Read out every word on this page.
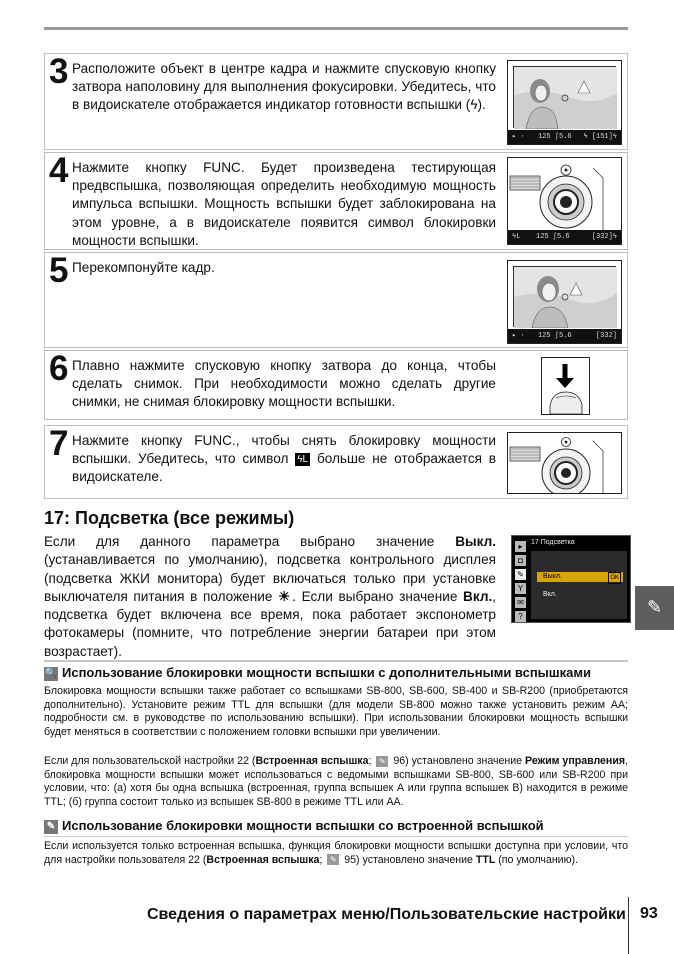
3 Расположите объект в центре кадра и нажмите спусковую кнопку затвора наполовину для выполнения фокусировки. Убедитесь, что в видоискателе отображается индикатор готовности вспышки (ϟ).
▸ · 125 ʃ5.6 ϟ [151]ϟ
4 Нажмите кнопку FUNC. Будет произведена тестирующая предвспышка, позволяющая определить необходимую мощность импульса вспышки. Мощность вспышки будет заблокирована на этом уровне, а в видоискателе появится символ блокировки мощности вспышки.	ϟL 125 ʃ5.6	[332]ϟ
5 Перекомпонуйте кадр.
▸ · 125 ʃ5.6	[332]
6 Плавно нажмите спусковую кнопку затвора до конца, чтобы сделать снимок. При необходимости можно сделать другие снимки, не снимая блокировку мощности вспышки.
7 Нажмите кнопку FUNC., чтобы снять блокировку мощности вспышки. Убедитесь, что символ ϟL больше не отображается в видоискателе.
17: Подсветка (все режимы)
Если для данного параметра выбрано значение Выкл. (устанавливается по умолчанию), подсветка контрольного дисплея (подсветка ЖКИ монитора) будет включаться только при установке выключателя питания в положение ☀. Если выбрано значение Вкл., подсветка будет включена все время, пока работает экспонометр фотокамеры (помните, что потребление энергии батареи при этом возрастает).
▸
◘
✎
Y
✉
?
17 Подсветка
Выкл.	OK
Вкл.
✎
🔍 Использование блокировки мощности вспышки с дополнительными вспышками
Блокировка мощности вспышки также работает со вспышками SB-800, SB-600, SB-400 и SB-R200 (приобретаются дополнительно). Установите режим TTL для вспышки (для модели SB-800 можно также установить режим АА; подробности см. в руководстве по использованию вспышки). При использовании блокировки мощность вспышки будет меняться в соответствии с положением головки вспышки при увеличении.
Если для пользовательской настройки 22 (Встроенная вспышка; ✎ 96) установлено значение Режим управления, блокировка мощности вспышки может использоваться с ведомыми вспышками SB-800, SB-600 или SB-R200 при условии, что: (а) хотя бы одна вспышка (встроенная, группа вспышек А или группа вспышек В) находится в режиме TTL; (б) группа состоит только из вспышек SB-800 в режиме TTL или АА.
✎ Использование блокировки мощности вспышки со встроенной вспышкой
Если используется только встроенная вспышка, функция блокировки мощности вспышки доступна при условии, что для настройки пользователя 22 (Встроенная вспышка; ✎ 95) установлено значение TTL (по умолчанию).
Сведения о параметрах меню/Пользовательские настройки 93
